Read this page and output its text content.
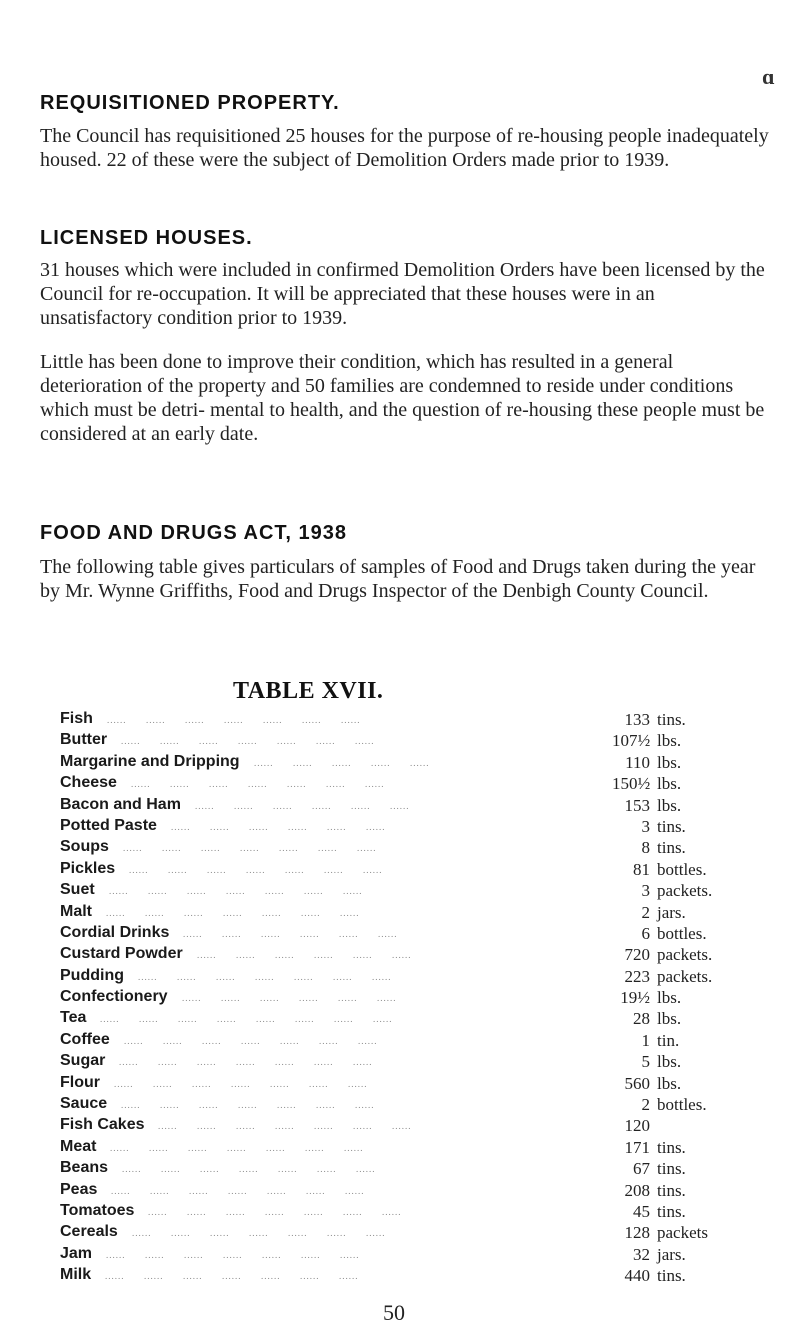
ɑ
REQUISITIONED PROPERTY.
The Council has requisitioned 25 houses for the purpose of re-housing people inadequately housed. 22 of these were the subject of Demolition Orders made prior to 1939.
LICENSED HOUSES.
31 houses which were included in confirmed Demolition Orders have been licensed by the Council for re-occupation. It will be appreciated that these houses were in an unsatisfactory condition prior to 1939.
Little has been done to improve their condition, which has resulted in a general deterioration of the property and 50 families are condemned to reside under conditions which must be detri- mental to health, and the question of re-housing these people must be considered at an early date.
FOOD AND DRUGS ACT, 1938
The following table gives particulars of samples of Food and Drugs taken during the year by Mr. Wynne Griffiths, Food and Drugs Inspector of the Denbigh County Council.
TABLE XVII.
Fish	133 tins.
......      ......      ......      ......      ......      ......      ......
Butter	107½ lbs.
......      ......      ......      ......      ......      ......      ......
Margarine and Dripping	110 lbs.
......      ......      ......      ......      ......
Cheese	150½ lbs.
......      ......      ......      ......      ......      ......      ......
Bacon and Ham	153 lbs.
......      ......      ......      ......      ......      ......
Potted Paste	3 tins.
......      ......      ......      ......      ......      ......
Soups	8 tins.
......      ......      ......      ......      ......      ......      ......
Pickles	81 bottles.
......      ......      ......      ......      ......      ......      ......
Suet	3 packets.
......      ......      ......      ......      ......      ......      ......
Malt	2 jars.
......      ......      ......      ......      ......      ......      ......
Cordial Drinks	6 bottles.
......      ......      ......      ......      ......      ......
Custard Powder	720 packets.
......      ......      ......      ......      ......      ......
Pudding	223 packets.
......      ......      ......      ......      ......      ......      ......
Confectionery	19½ lbs.
......      ......      ......      ......      ......      ......
Tea	28 lbs.
......      ......      ......      ......      ......      ......      ......      ......
Coffee	1 tin.
......      ......      ......      ......      ......      ......      ......
Sugar	5 lbs.
......      ......      ......      ......      ......      ......      ......
Flour	560 lbs.
......      ......      ......      ......      ......      ......      ......
Sauce	2 bottles.
......      ......      ......      ......      ......      ......      ......
Fish Cakes	120
......      ......      ......      ......      ......      ......      ......
Meat	171 tins.
......      ......      ......      ......      ......      ......      ......
Beans	67 tins.
......      ......      ......      ......      ......      ......      ......
Peas	208 tins.
......      ......      ......      ......      ......      ......      ......
Tomatoes	45 tins.
......      ......      ......      ......      ......      ......      ......
Cereals	128 packets
......      ......      ......      ......      ......      ......      ......
Jam	32 jars.
......      ......      ......      ......      ......      ......      ......
Milk	440 tins.
......      ......      ......      ......      ......      ......      ......
50
